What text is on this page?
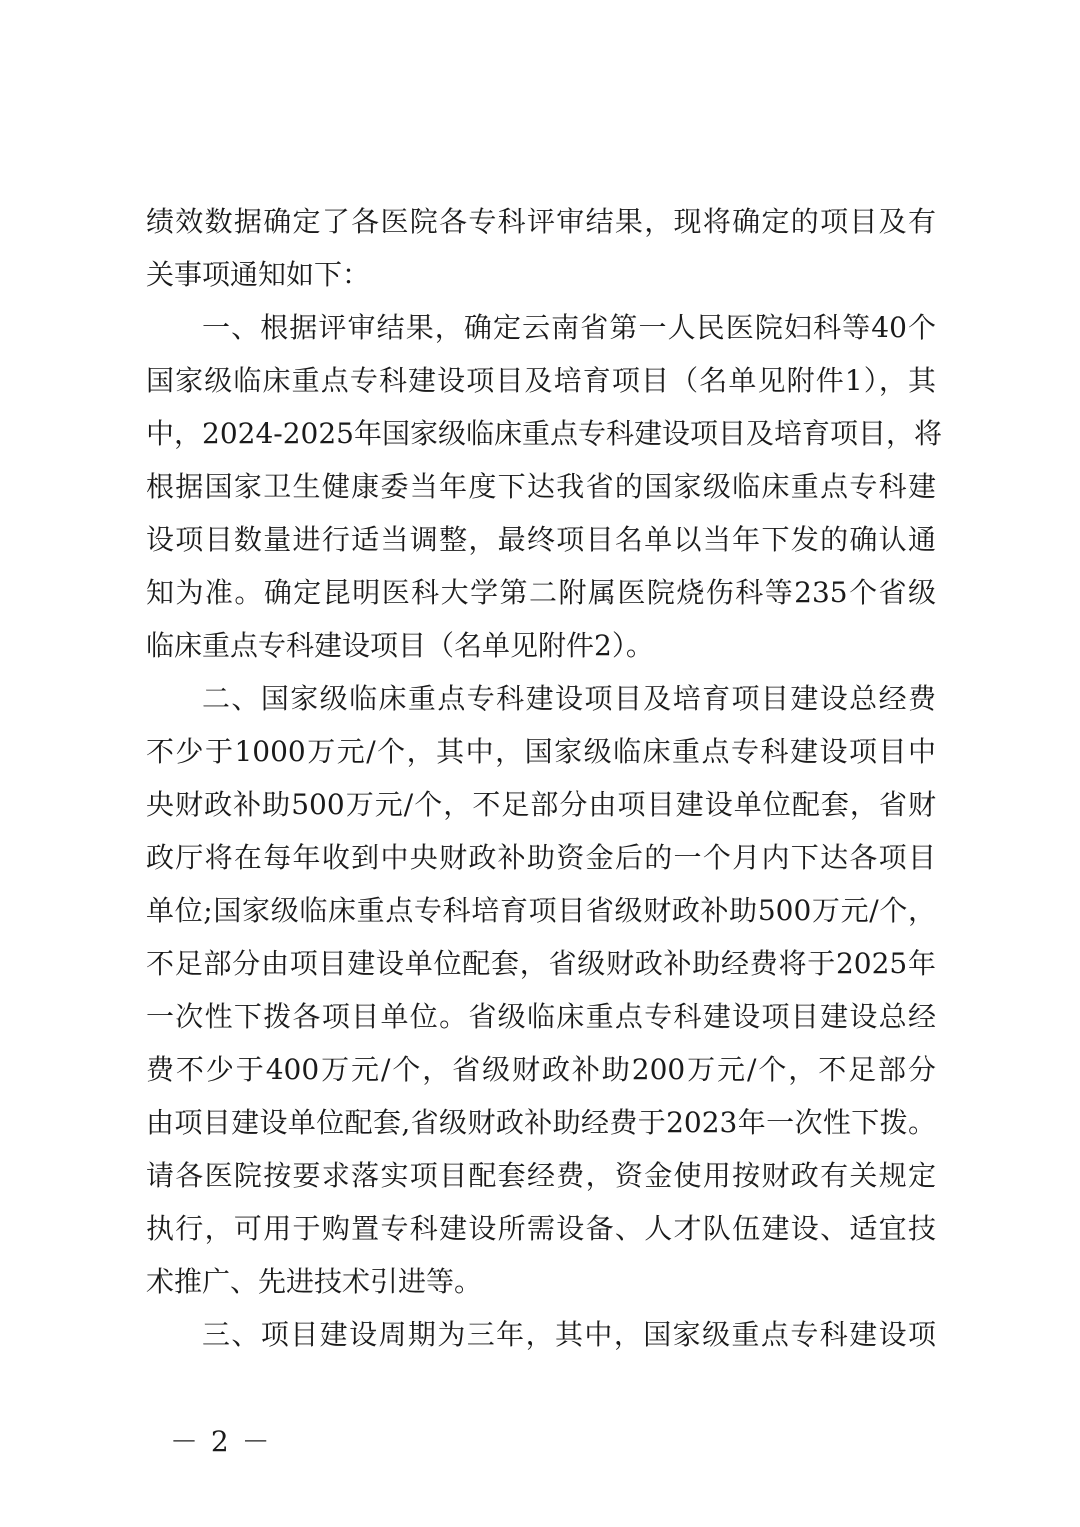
绩效数据确定了各医院各专科评审结果，现将确定的项目及有
关事项通知如下：
一、根据评审结果，确定云南省第一人民医院妇科等40个
国家级临床重点专科建设项目及培育项目（名单见附件1），其
中，2024-2025年国家级临床重点专科建设项目及培育项目，将
根据国家卫生健康委当年度下达我省的国家级临床重点专科建
设项目数量进行适当调整，最终项目名单以当年下发的确认通
知为准。确定昆明医科大学第二附属医院烧伤科等235个省级
临床重点专科建设项目（名单见附件2）。
二、国家级临床重点专科建设项目及培育项目建设总经费
不少于1000万元/个，其中，国家级临床重点专科建设项目中
央财政补助500万元/个，不足部分由项目建设单位配套，省财
政厅将在每年收到中央财政补助资金后的一个月内下达各项目
单位;国家级临床重点专科培育项目省级财政补助500万元/个，
不足部分由项目建设单位配套，省级财政补助经费将于2025年
一次性下拨各项目单位。省级临床重点专科建设项目建设总经
费不少于400万元/个，省级财政补助200万元/个，不足部分
由项目建设单位配套,省级财政补助经费于2023年一次性下拨。
请各医院按要求落实项目配套经费，资金使用按财政有关规定
执行，可用于购置专科建设所需设备、人才队伍建设、适宜技
术推广、先进技术引进等。
三、项目建设周期为三年，其中，国家级重点专科建设项
－ 2 －
